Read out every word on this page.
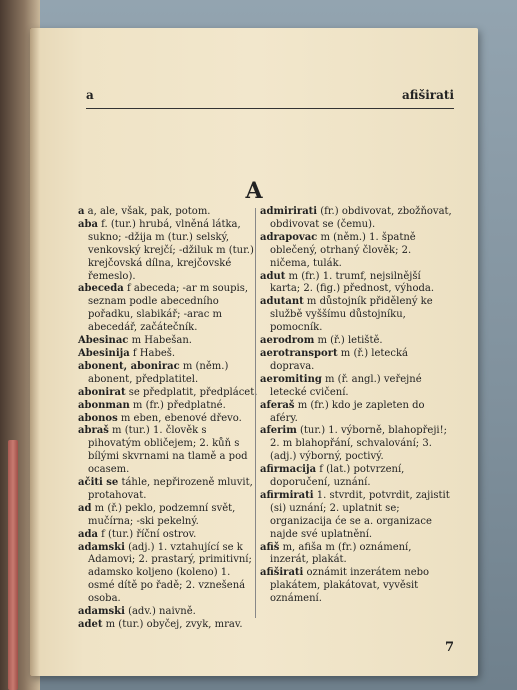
a	afiširati
A

a a, ale, však, pak, potom.

aba f. (tur.) hrubá, vlněná látka, sukno; -džija m (tur.) selský, venkovský krejčí; -džiluk m (tur.) krejčovská dílna, krejčovské řemeslo).

abeceda f abeceda; -ar m soupis, seznam podle abecedního pořadku, slabikář; -arac m abecedář, začátečník.

Abesinac m Habešan.

Abesinija f Habeš.

abonent, abonirac m (něm.) abonent, předplatitel.

abonirat se předplatit, předplácet.

abonman m (fr.) předplatné.

abonos m eben, ebenové dřevo.

abraš m (tur.) 1. člověk s pihovatým obličejem; 2. kůň s bílými skvrnami na tlamě a pod ocasem.

ačiti se táhle, nepřirozeně mluvit, protahovat.

ad m (ř.) peklo, podzemní svět, mučírna; -ski pekelný.

ada f (tur.) říční ostrov.

adamski (adj.) 1. vztahující se k Adamovi; 2. prastarý, primitivní; adamsko koljeno (koleno) 1. osmé dítě po řadě; 2. vznešená osoba.

adamski (adv.) naivně.

adet m (tur.) obyčej, zvyk, mrav.

admirirati (fr.) obdivovat, zbožňovat, obdivovat se (čemu).

adrapovac m (něm.) 1. špatně oblečený, otrhaný člověk; 2. ničema, tulák.

adut m (fr.) 1. trumf, nejsilnější karta; 2. (fig.) přednost, výhoda.

adutant m důstojník přidělený ke službě vyššímu důstojníku, pomocník.

aerodrom m (ř.) letiště.

aerotransport m (ř.) letecká doprava.

aeromiting m (ř. angl.) veřejné letecké cvičení.

aferaš m (fr.) kdo je zapleten do aféry.

aferim (tur.) 1. výborně, blahopřeji!; 2. m blahopřání, schvalování; 3. (adj.) výborný, poctivý.

afirmacija f (lat.) potvrzení, doporučení, uznání.

afirmirati 1. stvrdit, potvrdit, zajistit (si) uznání; 2. uplatnit se; organizacija će se a. organizace najde své uplatnění.

afiš m, afiša m (fr.) oznámení, inzerát, plakát.

afiširati oznámit inzerátem nebo plakátem, plakátovat, vyvěsit oznámení.

7
